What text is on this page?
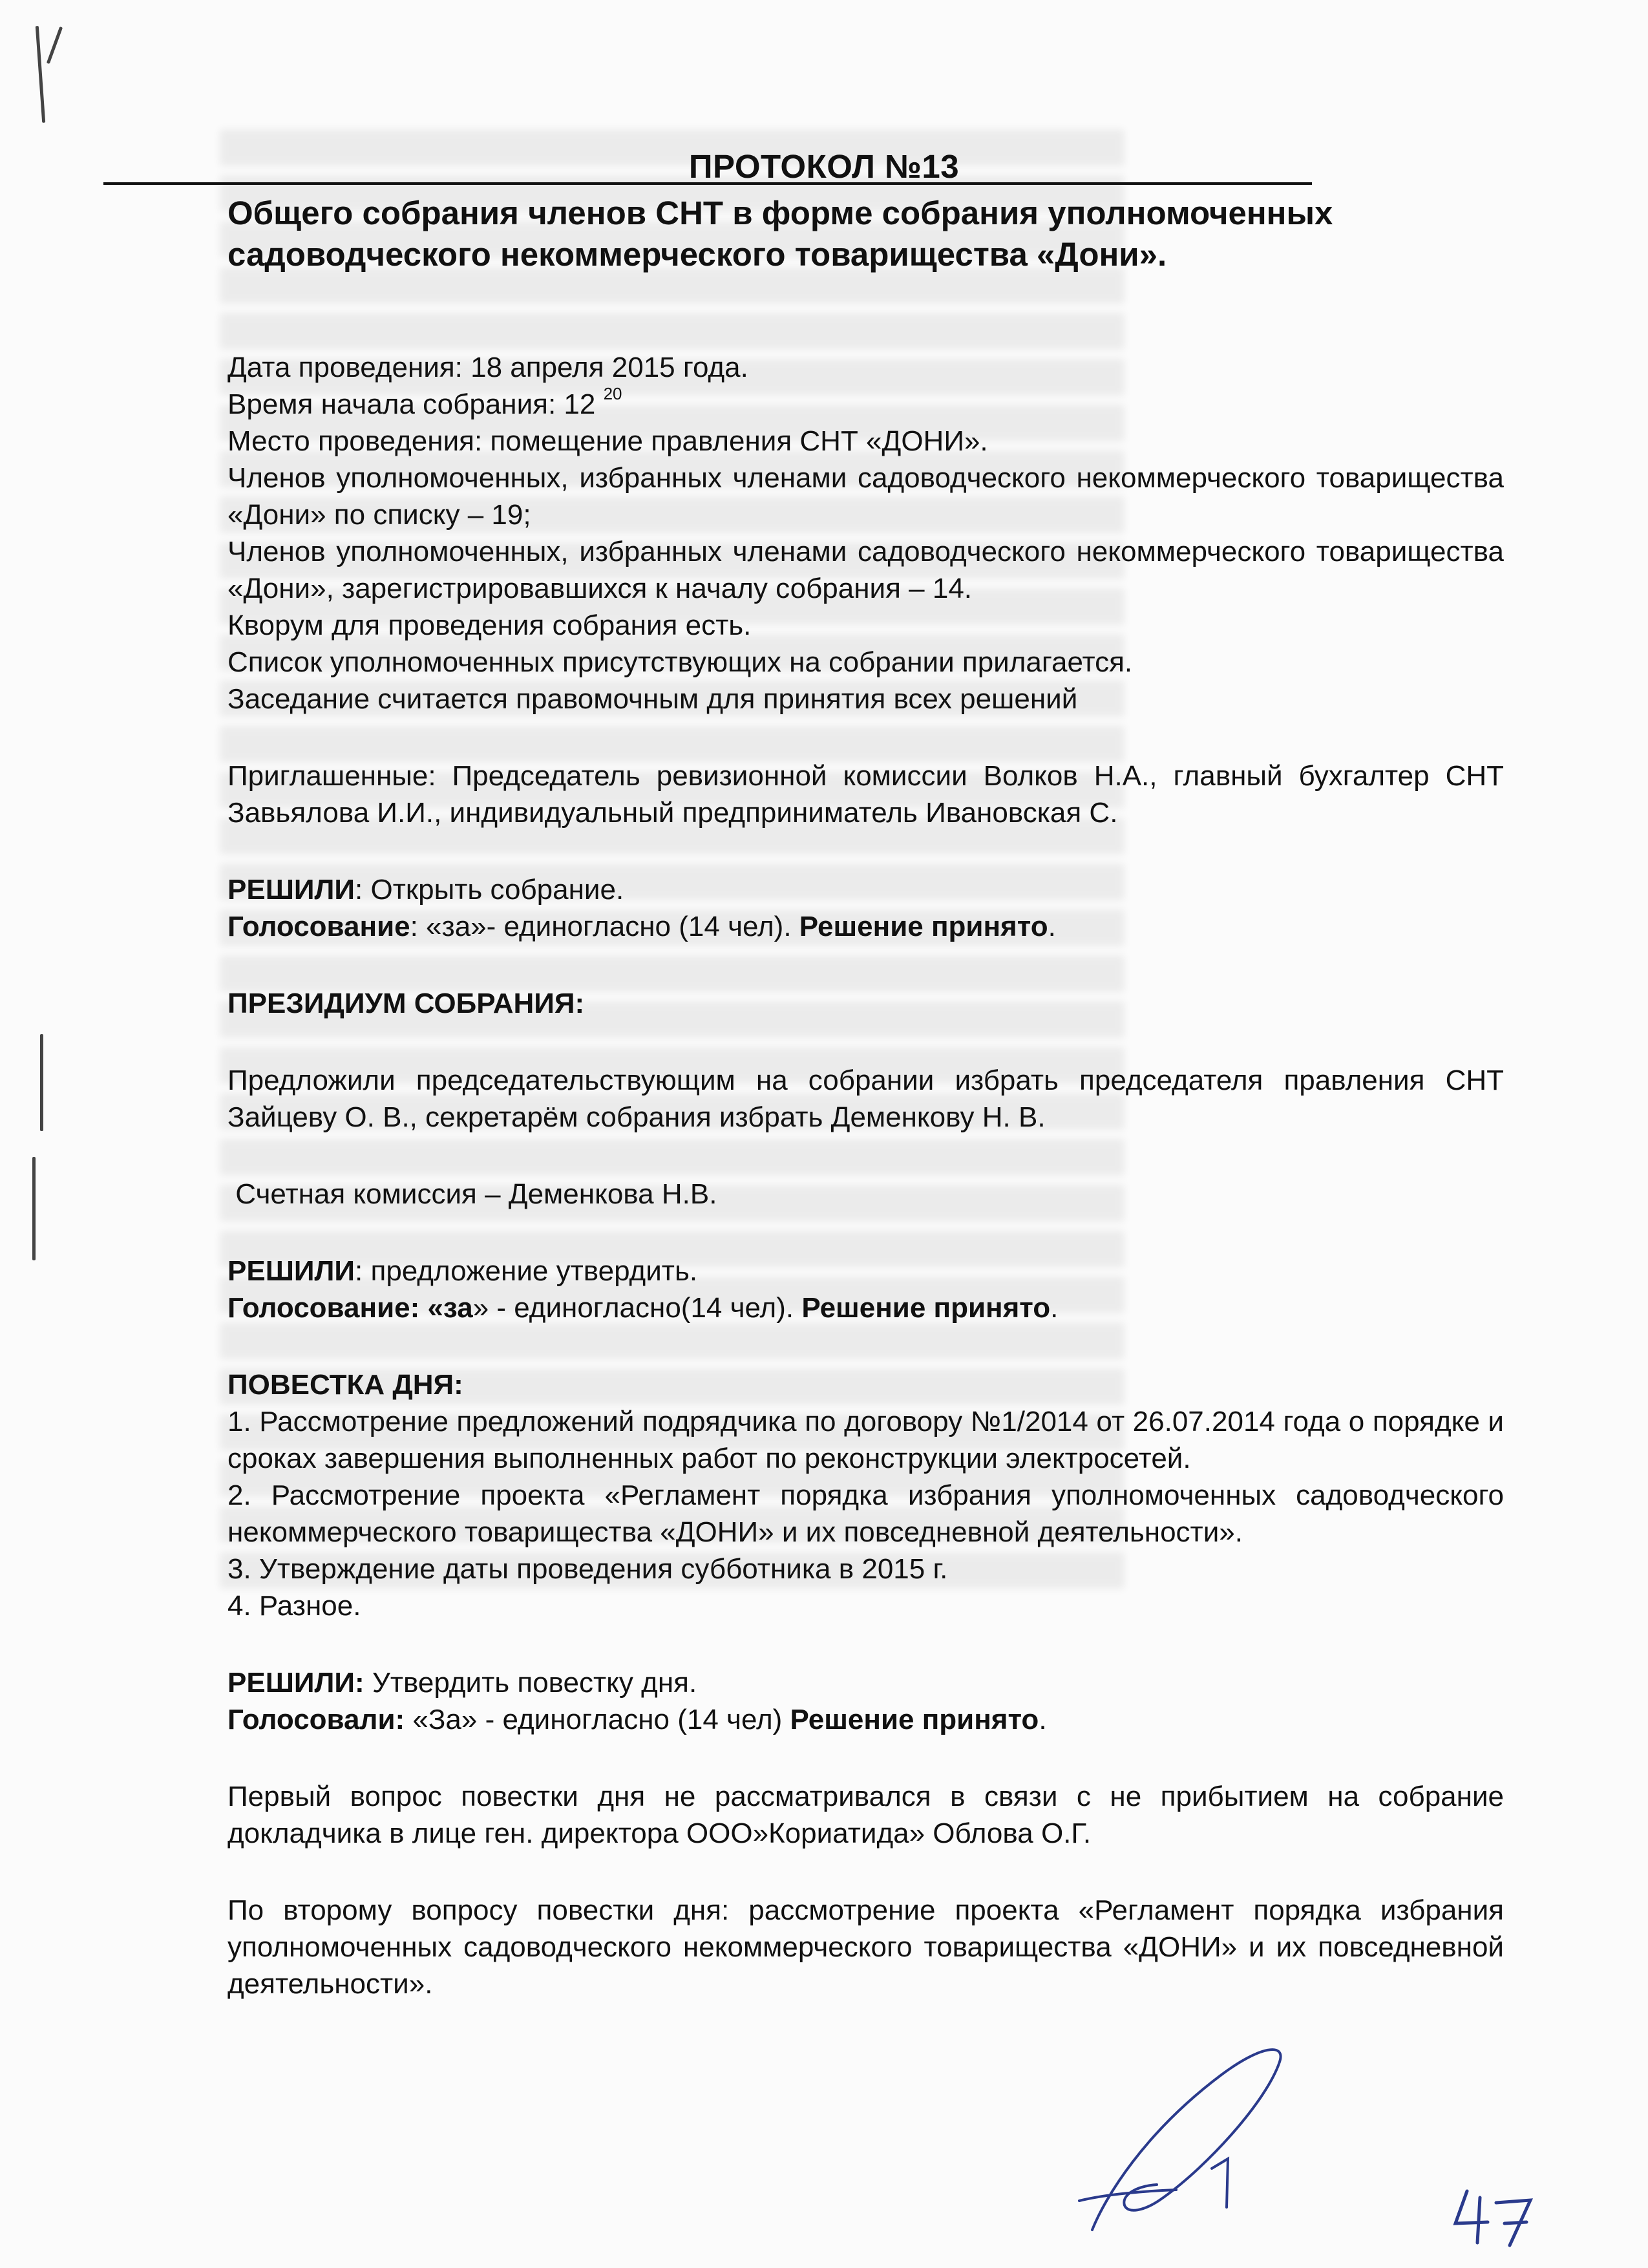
ПРОТОКОЛ №13
Общего собрания членов СНТ в форме собрания уполномоченных
садоводческого некоммерческого товарищества «Дони».

Дата проведения: 18 апреля 2015 года.

Время начала собрания: 12 $^{20}$

Место проведения: помещение правления СНТ «ДОНИ».

Членов уполномоченных, избранных членами садоводческого некоммерческого товарищества «Дони» по списку – 19;

Членов уполномоченных, избранных членами садоводческого некоммерческого товарищества «Дони», зарегистрировавшихся к началу собрания – 14.

Кворум для проведения собрания есть.

Список уполномоченных присутствующих на собрании прилагается.

Заседание считается правомочным для принятия всех решений

Приглашенные: Председатель ревизионной комиссии Волков Н.А., главный бухгалтер СНТ Завьялова И.И., индивидуальный предприниматель Ивановская С.

РЕШИЛИ: Открыть собрание.

Голосование: «за»- единогласно (14 чел). Решение принято.

ПРЕЗИДИУМ СОБРАНИЯ:

Предложили председательствующим на собрании избрать председателя правления СНТ Зайцеву О. В., секретарём собрания избрать Деменкову Н. В.

Счетная комиссия – Деменкова Н.В.

РЕШИЛИ: предложение утвердить.

Голосование: «за» - единогласно(14 чел). Решение принято.

ПОВЕСТКА ДНЯ:

1. Рассмотрение предложений подрядчика по договору №1/2014 от 26.07.2014 года о порядке и сроках завершения выполненных работ по реконструкции электросетей.

2. Рассмотрение проекта «Регламент порядка избрания уполномоченных садоводческого некоммерческого товарищества «ДОНИ» и их повседневной деятельности».

3. Утверждение даты проведения субботника в 2015 г.

4. Разное.

РЕШИЛИ: Утвердить повестку дня.

Голосовали: «За» - единогласно (14 чел) Решение принято.

Первый вопрос повестки дня не рассматривался в связи с не прибытием на собрание докладчика в лице ген. директора ООО»Кориатида» Облова О.Г.

По второму вопросу повестки дня: рассмотрение проекта «Регламент порядка избрания уполномоченных садоводческого некоммерческого товарищества «ДОНИ» и их повседневной деятельности».
